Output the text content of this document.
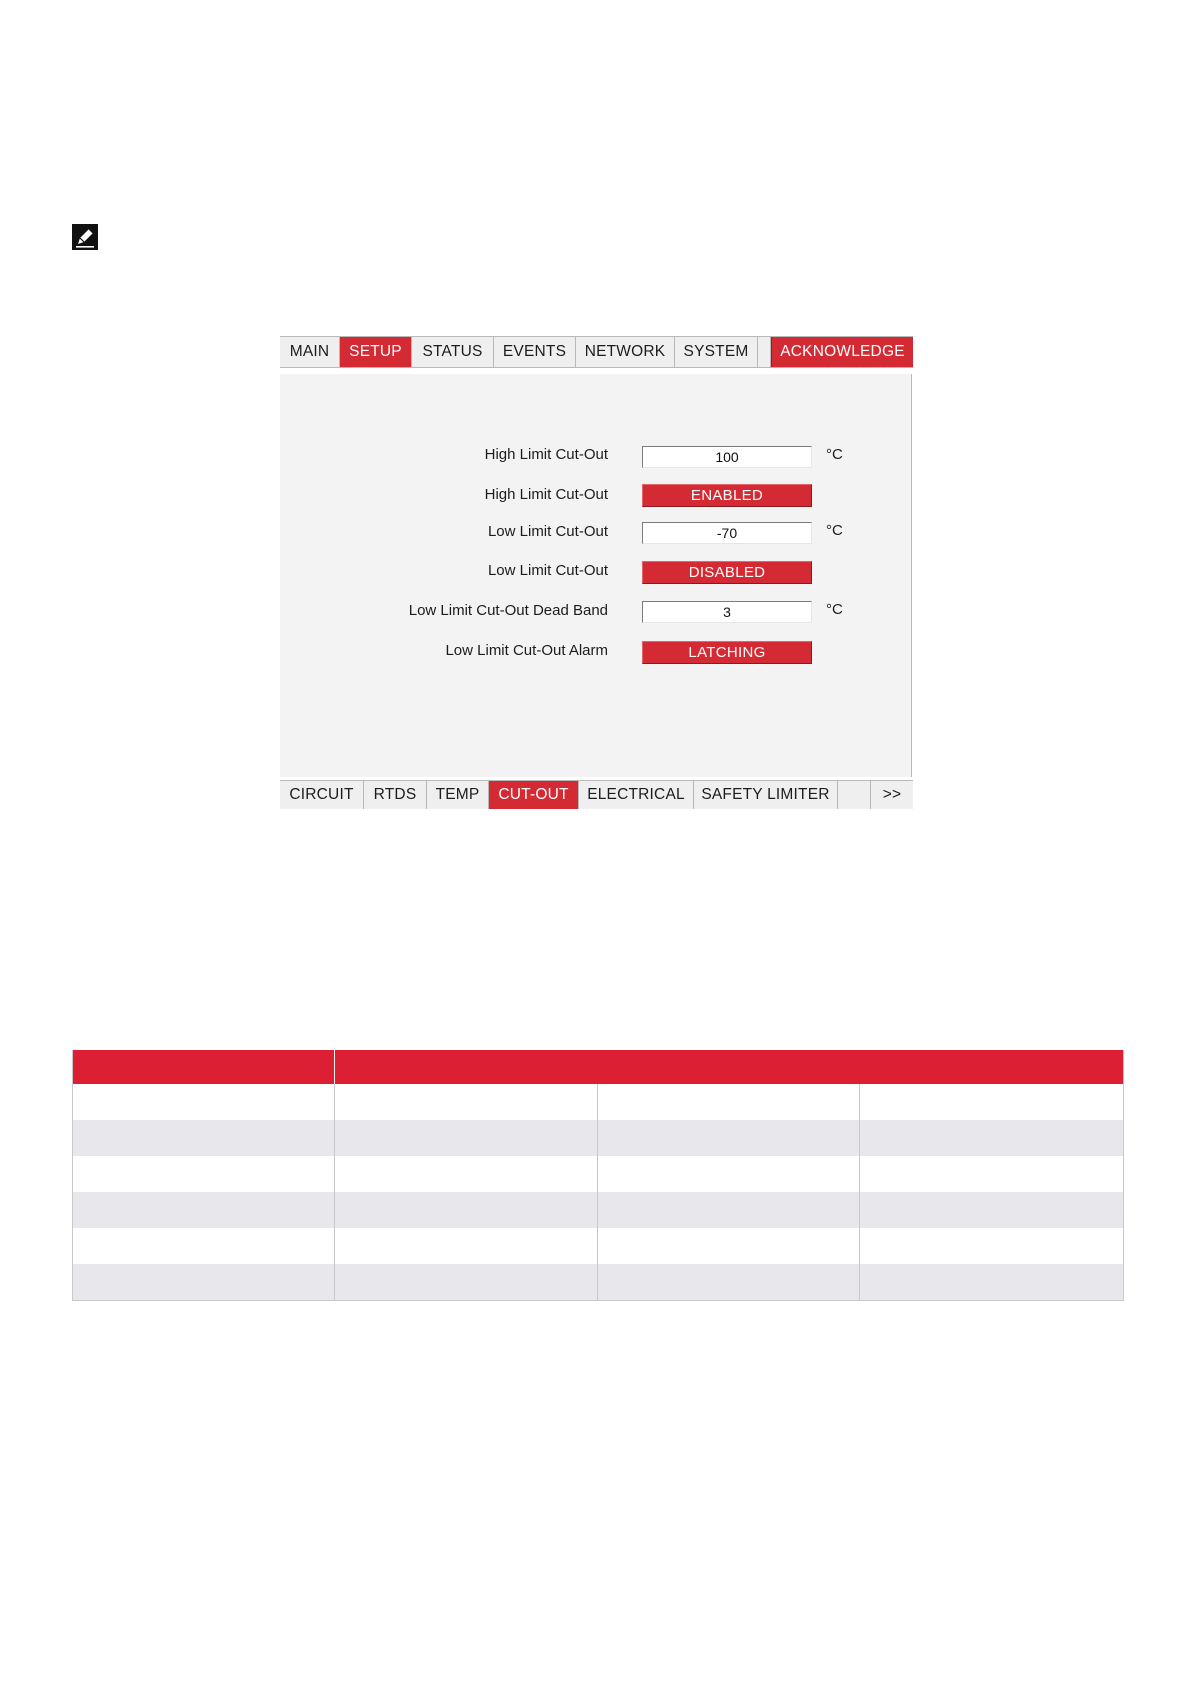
MAIN	SETUP	STATUS	EVENTS	NETWORK	SYSTEM	ACKNOWLEDGE
High Limit Cut-Out	100	°C
High Limit Cut-Out	ENABLED
Low Limit Cut-Out	-70	°C
Low Limit Cut-Out	DISABLED
Low Limit Cut-Out Dead Band	3	°C
Low Limit Cut-Out Alarm	LATCHING
CIRCUIT	RTDS	TEMP	CUT-OUT	ELECTRICAL	SAFETY LIMITER	>>
